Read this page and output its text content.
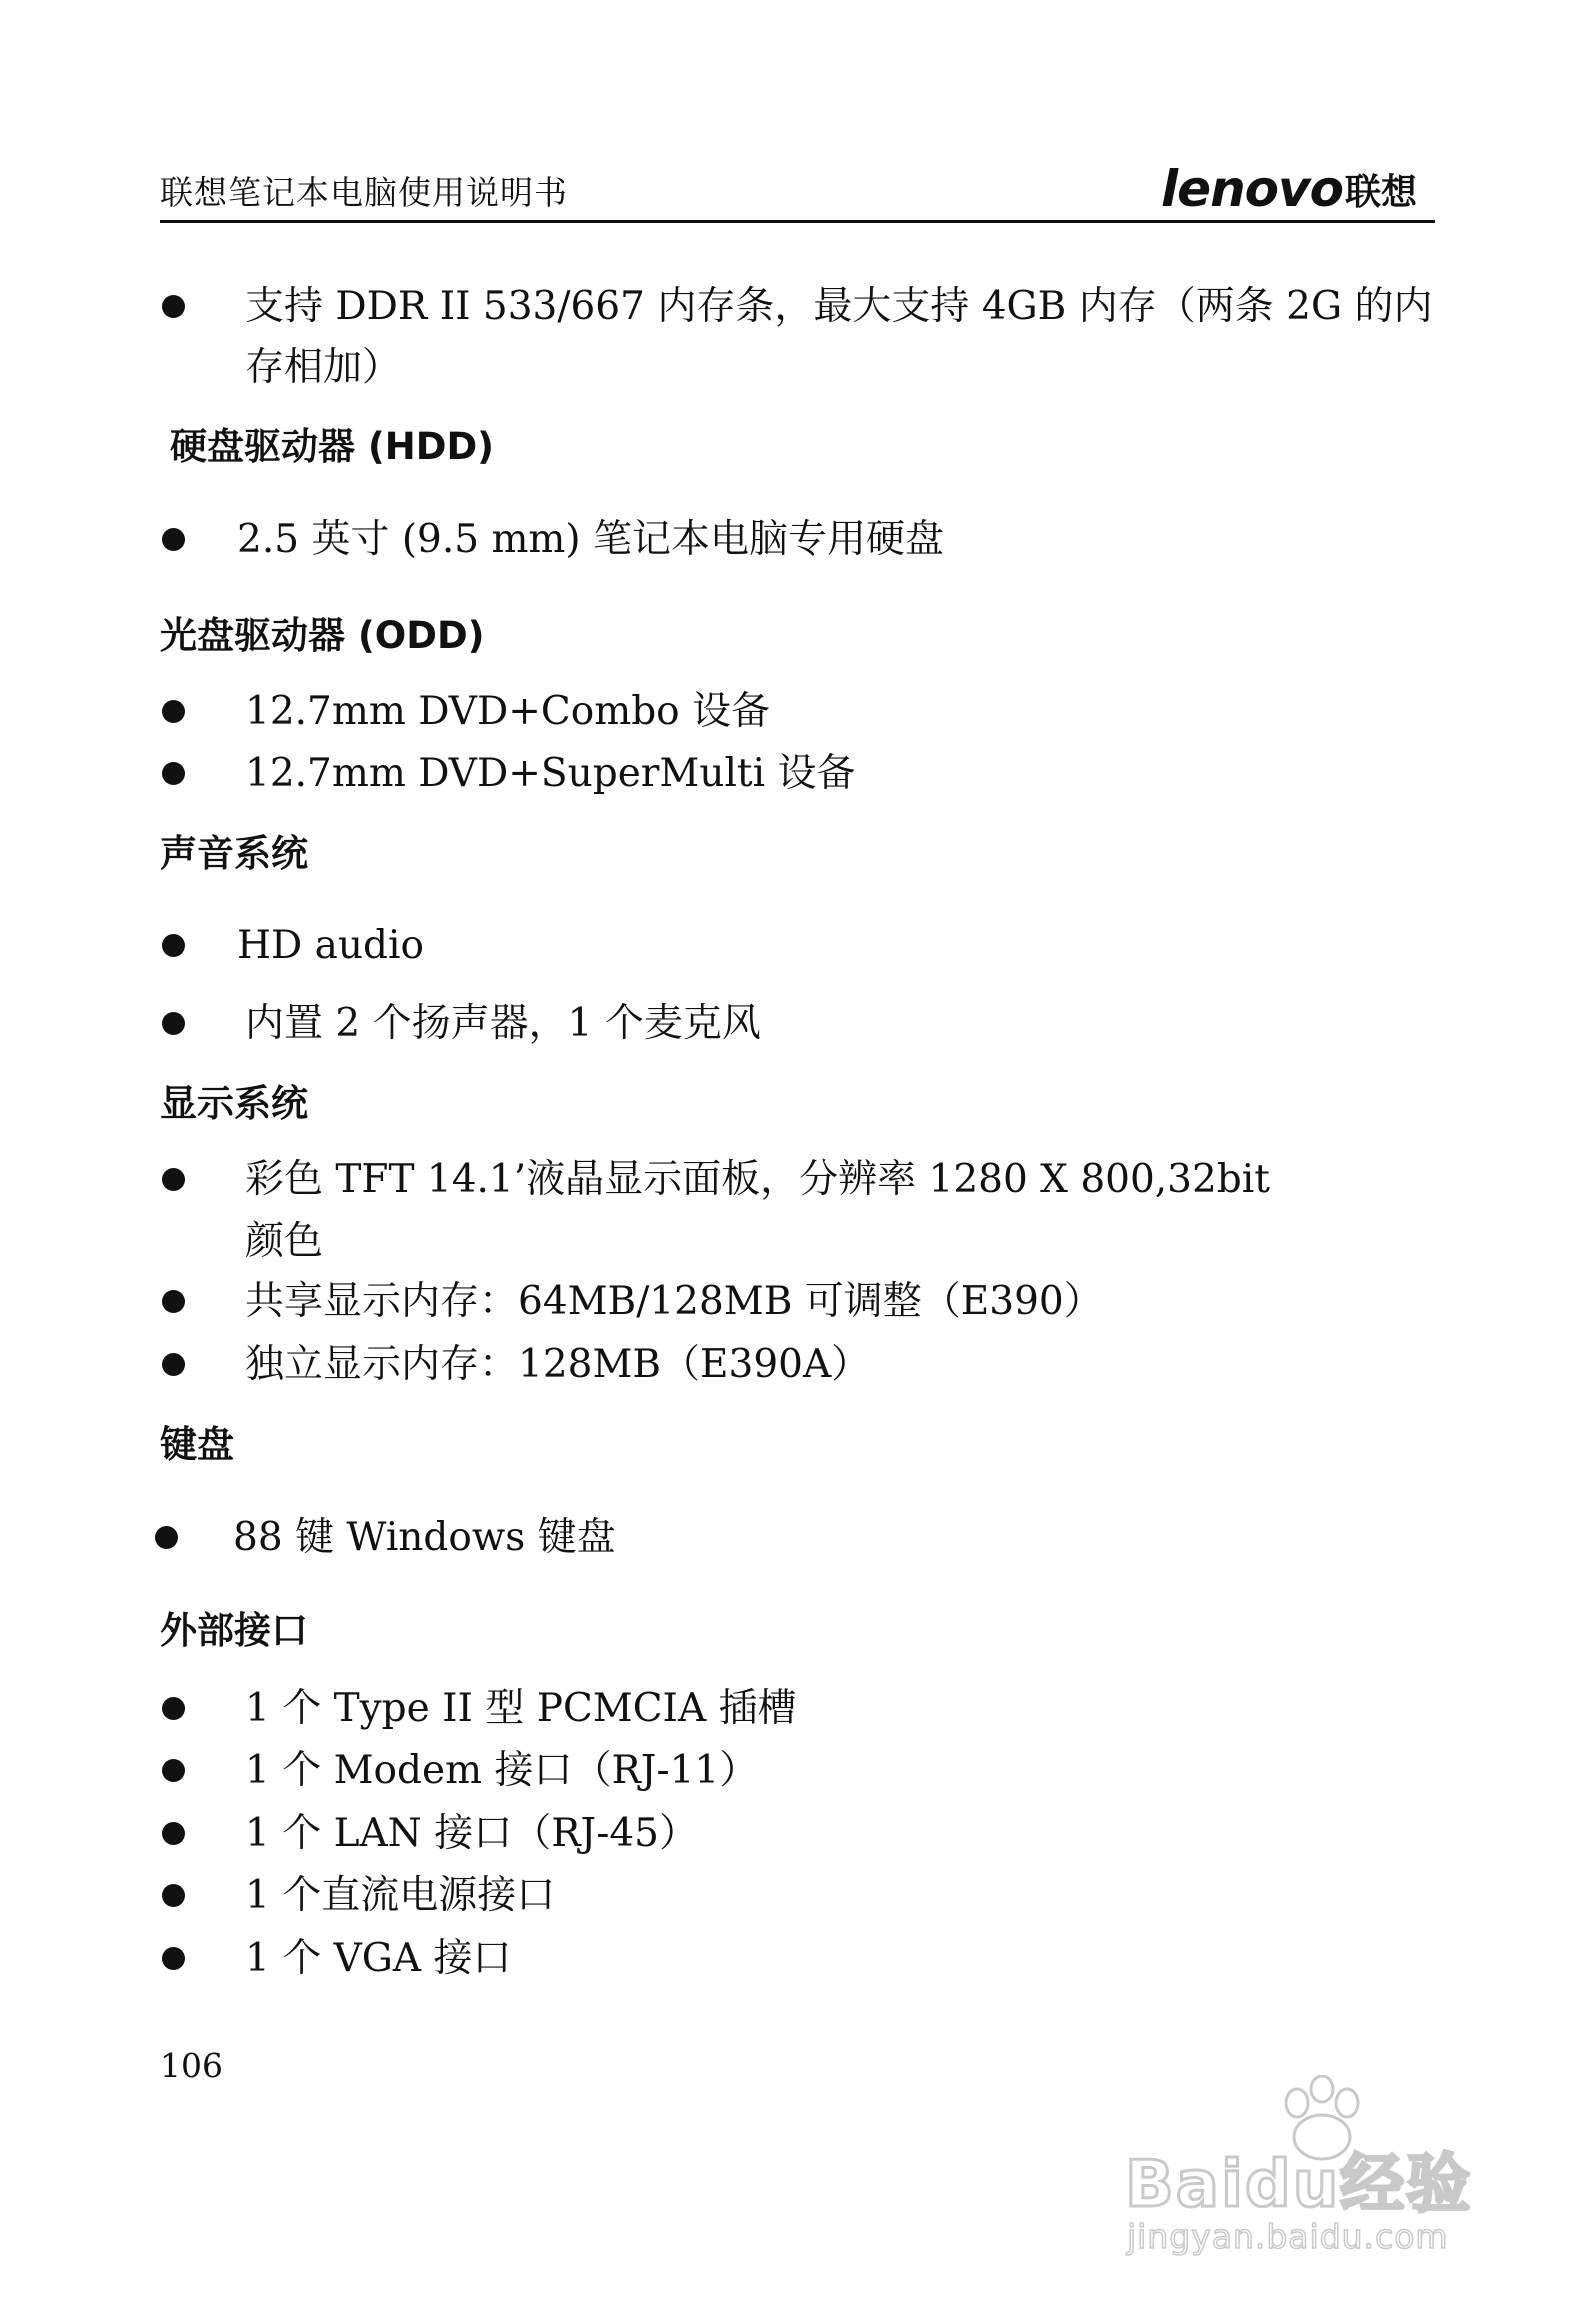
联想笔记本电脑使用说明书	lenovo 联想
支持 DDR II 533/667 内存条，最大支持 4GB 内存（两条 2G 的内
存相加）
硬盘驱动器 (HDD)
2.5 英寸 (9.5 mm) 笔记本电脑专用硬盘
光盘驱动器 (ODD)
12.7mm DVD+Combo 设备
12.7mm DVD+SuperMulti 设备
声音系统
HD audio
内置 2 个扬声器，1 个麦克风
显示系统
彩色 TFT 14.1’液晶显示面板，分辨率 1280 X 800,32bit
颜色
共享显示内存：64MB/128MB 可调整（E390）
独立显示内存：128MB（E390A）
键盘
88 键 Windows 键盘
外部接口
1 个 Type II 型 PCMCIA 插槽
1 个 Modem 接口（RJ-11）
1 个 LAN 接口（RJ-45）
1 个直流电源接口
1 个 VGA 接口
106
Baidu经验
jingyan.baidu.com
